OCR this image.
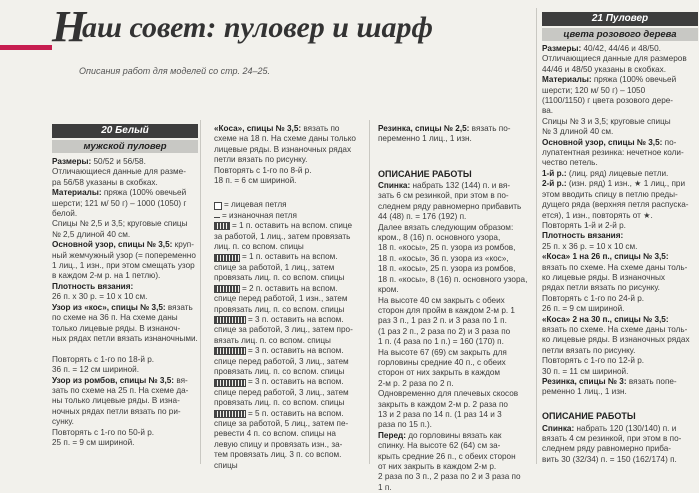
Н
аш совет: пуловер и шарф
Описания работ для моделей со стр. 24–25.
20 Белый
мужской пуловер

Размеры: 50/52 и 56/58.

Отличающиеся данные для разме-

ра 56/58 указаны в скобках.

Материалы: пряжа (100% овечьей

шерсти; 121 м/ 50 г) – 1000 (1050) г

белой.

Спицы № 2,5 и 3,5; круговые спицы

№ 2,5 длиной 40 см.

Основной узор, спицы № 3,5: круп-

ный жемчужный узор (= попеременно

1 лиц., 1 изн., при этом смещать узор

в каждом 2-м р. на 1 петлю).

Плотность вязания:

26 п. х 30 р. = 10 х 10 см.

Узор из «кос», спицы № 3,5: вязать

по схеме на 36 п. На схеме даны

только лицевые ряды. В изнаноч-

ных рядах петли вязать изнаночными.

Повторять с 1-го по 18-й р.

36 п. = 12 см шириной.

Узор из ромбов, спицы № 3,5: вя-

зать по схеме на 25 п. На схеме да-

ны только лицевые ряды. В изна-

ночных рядах петли вязать по ри-

сунку.

Повторять с 1-го по 50-й р.

25 п. = 9 см шириной.

«Коса», спицы № 3,5: вязать по

схеме на 18 п. На схеме даны только

лицевые ряды. В изнаночных рядах

петли вязать по рисунку.

Повторять с 1-го по 8-й р.

18 п. = 6 см шириной.

= лицевая петля

= изнаночная петля

= 1 п. оставить на вспом. спице

за работой, 1 лиц., затем провязать

лиц. п. со вспом. спицы

= 1 п. оставить на вспом.

спице за работой, 1 лиц., затем

провязать лиц. п. со вспом. спицы

= 2 п. оставить на вспом.

спице перед работой, 1 изн., затем

провязать лиц. п. со вспом. спицы

= 3 п. оставить на вспом.

спице за работой, 3 лиц., затем про-

вязать лиц. п. со вспом. спицы

= 3 п. оставить на вспом.

спице перед работой, 3 лиц., затем

провязать лиц. п. со вспом. спицы

= 3 п. оставить на вспом.

спице перед работой, 3 лиц., затем

провязать лиц. п. со вспом. спицы

= 5 п. оставить на вспом.

спице за работой, 5 лиц., затем пе-

ревести 4 п. со вспом. спицы на

левую спицу и провязать изн., за-

тем провязать лиц. 3 п. со вспом.

спицы

Резинка, спицы № 2,5: вязать по-

переменно 1 лиц., 1 изн.

ОПИСАНИЕ РАБОТЫ

Спинка: набрать 132 (144) п. и вя-

зать 6 см резинкой, при этом в по-

следнем ряду равномерно прибавить

44 (48) п. = 176 (192) п.

Далее вязать следующим образом:

кром., 8 (16) п. основного узора,

18 п. «косы», 25 п. узора из ромбов,

18 п. «косы», 36 п. узора из «кос»,

18 п. «косы», 25 п. узора из ромбов,

18 п. «косы», 8 (16) п. основного узора,

кром.

На высоте 40 см закрыть с обеих

сторон для пройм в каждом 2-м р. 1

раз 3 п., 1 раз 2 п. и 3 раза по 1 п.

(1 раз 2 п., 2 раза по 2) и 3 раза по

1 п. (4 раза по 1 п.) = 160 (170) п.

На высоте 67 (69) см закрыть для

горловины средние 40 п., с обеих

сторон от них закрыть в каждом

2-м р. 2 раза по 2 п.

Одновременно для плечевых скосов

закрыть в каждом 2-м р. 2 раза по

13 и 2 раза по 14 п. (1 раз 14 и 3

раза по 15 п.).

Перед: до горловины вязать как

спинку. На высоте 62 (64) см за-

крыть средние 26 п., с обеих сторон

от них закрыть в каждом 2-м р.

2 раза по 3 п., 2 раза по 2 и 3 раза по

1 п.

21 Пуловер
цвета розового дерева

Размеры: 40/42, 44/46 и 48/50.

Отличающиеся данные для размеров

44/46 и 48/50 указаны в скобках.

Материалы: пряжа (100% овечьей

шерсти; 120 м/ 50 г) – 1050

(1100/1150) г цвета розового дере-

ва.

Спицы № 3 и 3,5; круговые спицы

№ 3 длиной 40 см.

Основной узор, спицы № 3,5: по-

лупатентная резинка: нечетное коли-

чество петель.

1-й р.: (лиц. ряд) лицевые петли.

2-й р.: (изн. ряд) 1 изн., ★ 1 лиц., при

этом вводить спицу в петлю преды-

дущего ряда (верхняя петля распуска-

ется), 1 изн., повторять от ★.

Повторять 1-й и 2-й р.

Плотность вязания:

25 п. х 36 р. = 10 х 10 см.

«Коса» 1 на 26 п., спицы № 3,5:

вязать по схеме. На схеме даны толь-

ко лицевые ряды. В изнаночных

рядах петли вязать по рисунку.

Повторять с 1-го по 24-й р.

26 п. = 9 см шириной.

«Коса» 2 на 30 п., спицы № 3,5:

вязать по схеме. На схеме даны толь-

ко лицевые ряды. В изнаночных рядах

петли вязать по рисунку.

Повторять с 1-го по 12-й р.

30 п. = 11 см шириной.

Резинка, спицы № 3: вязать попе-

ременно 1 лиц., 1 изн.

ОПИСАНИЕ РАБОТЫ

Спинка: набрать 120 (130/140) п. и

вязать 4 см резинкой, при этом в по-

следнем ряду равномерно приба-

вить 30 (32/34) п. = 150 (162/174) п.
